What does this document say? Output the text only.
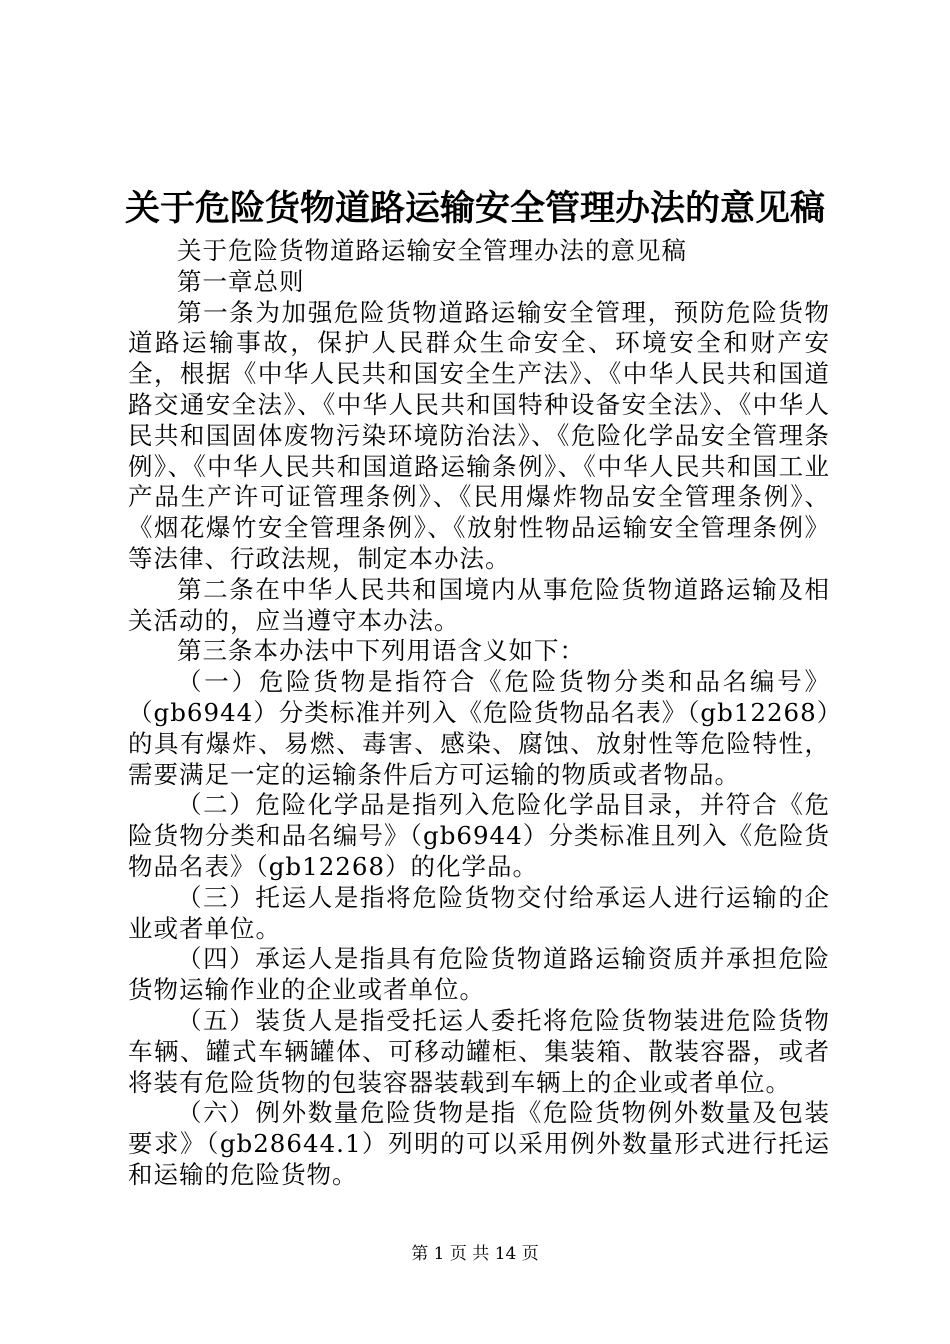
关于危险货物道路运输安全管理办法的意见稿

关于危险货物道路运输安全管理办法的意见稿

第一章总则

第一条为加强危险货物道路运输安全管理，预防危险货物道路运输事故，保护人民群众生命安全、环境安全和财产安全，根据《中华人民共和国安全生产法》、《中华人民共和国道路交通安全法》、《中华人民共和国特种设备安全法》、《中华人民共和国固体废物污染环境防治法》、《危险化学品安全管理条例》、《中华人民共和国道路运输条例》、《中华人民共和国工业产品生产许可证管理条例》、《民用爆炸物品安全管理条例》、《烟花爆竹安全管理条例》、《放射性物品运输安全管理条例》等法律、行政法规，制定本办法。

第二条在中华人民共和国境内从事危险货物道路运输及相关活动的，应当遵守本办法。

第三条本办法中下列用语含义如下：

（一）危险货物是指符合《危险货物分类和品名编号》（gb6944）分类标准并列入《危险货物品名表》（gb12268）的具有爆炸、易燃、毒害、感染、腐蚀、放射性等危险特性，需要满足一定的运输条件后方可运输的物质或者物品。

（二）危险化学品是指列入危险化学品目录，并符合《危险货物分类和品名编号》（gb6944）分类标准且列入《危险货物品名表》（gb12268）的化学品。

（三）托运人是指将危险货物交付给承运人进行运输的企业或者单位。

（四）承运人是指具有危险货物道路运输资质并承担危险货物运输作业的企业或者单位。

（五）装货人是指受托运人委托将危险货物装进危险货物车辆、罐式车辆罐体、可移动罐柜、集装箱、散装容器，或者将装有危险货物的包装容器装载到车辆上的企业或者单位。

（六）例外数量危险货物是指《危险货物例外数量及包装要求》（gb28644.1）列明的可以采用例外数量形式进行托运和运输的危险货物。

第 1 页 共 14 页
